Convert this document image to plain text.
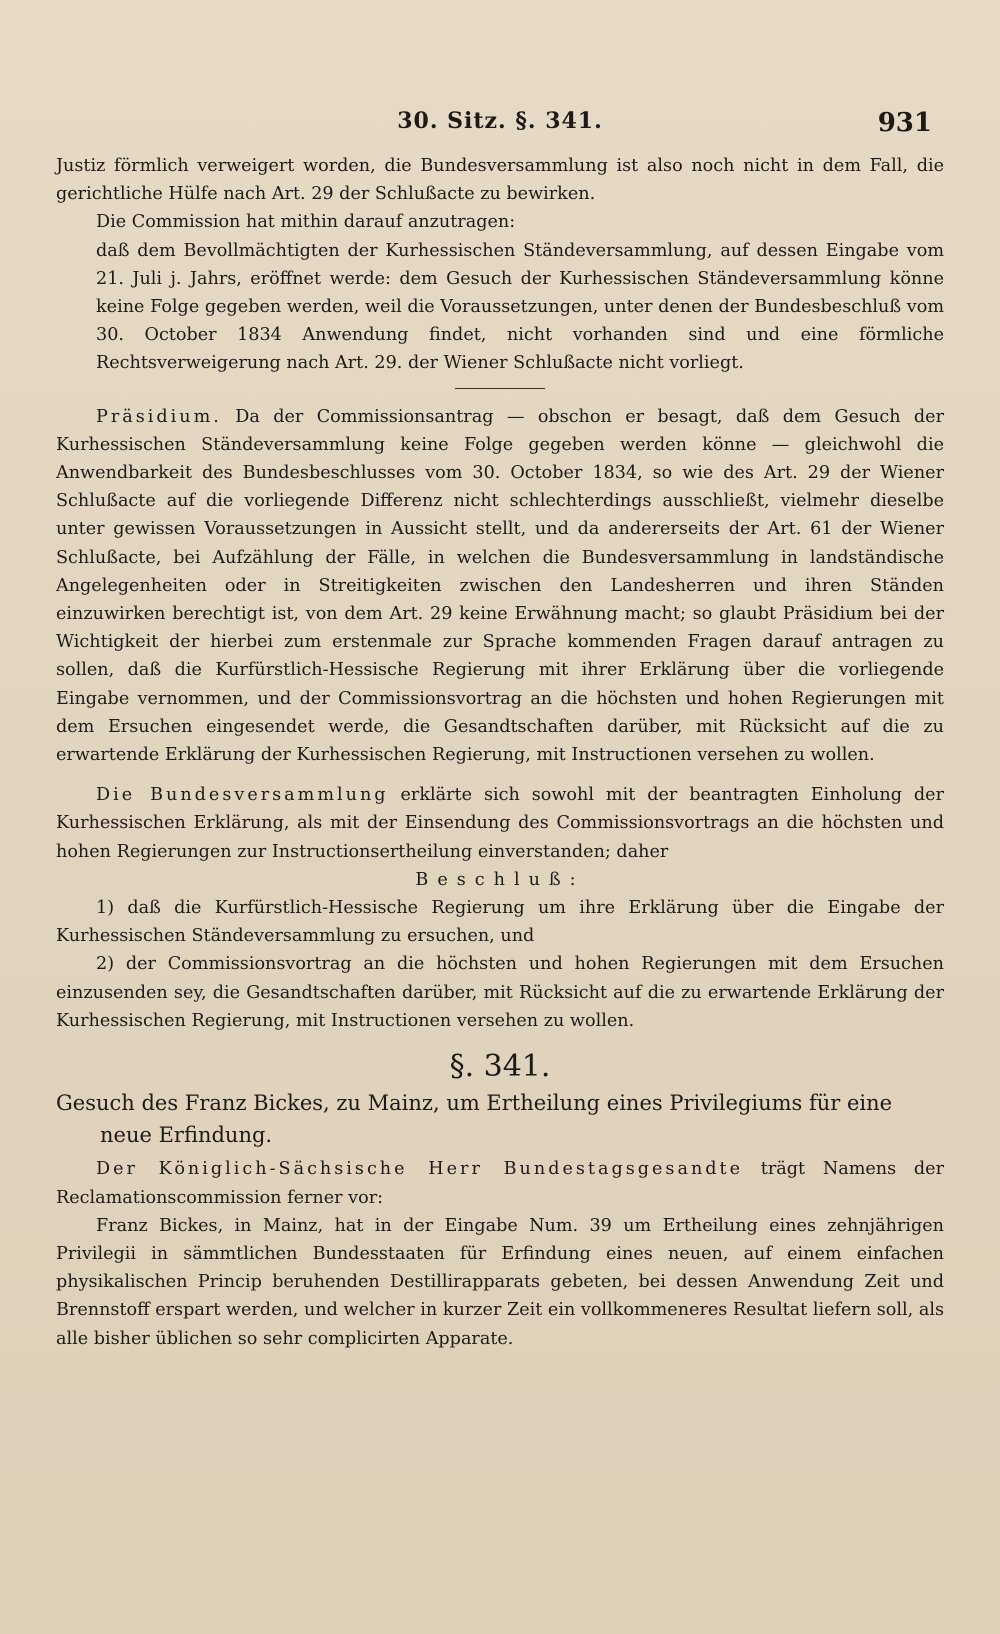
30. Sitz. §. 341.	931

Justiz förmlich verweigert worden, die Bundesversammlung ist also noch nicht in dem Fall, die gerichtliche Hülfe nach Art. 29 der Schlußacte zu bewirken.

Die Commission hat mithin darauf anzutragen:

daß dem Bevollmächtigten der Kurhessischen Ständeversammlung, auf dessen Eingabe vom 21. Juli j. Jahrs, eröffnet werde: dem Gesuch der Kurhessischen Ständeversammlung könne keine Folge gegeben werden, weil die Voraussetzungen, unter denen der Bundesbeschluß vom 30. October 1834 Anwendung findet, nicht vorhanden sind und eine förmliche Rechtsverweigerung nach Art. 29. der Wiener Schlußacte nicht vorliegt.

Präsidium. Da der Commissionsantrag — obschon er besagt, daß dem Gesuch der Kurhessischen Ständeversammlung keine Folge gegeben werden könne — gleichwohl die Anwendbarkeit des Bundesbeschlusses vom 30. October 1834, so wie des Art. 29 der Wiener Schlußacte auf die vorliegende Differenz nicht schlechterdings ausschließt, vielmehr dieselbe unter gewissen Voraussetzungen in Aussicht stellt, und da andererseits der Art. 61 der Wiener Schlußacte, bei Aufzählung der Fälle, in welchen die Bundesversammlung in landständische Angelegenheiten oder in Streitigkeiten zwischen den Landesherren und ihren Ständen einzuwirken berechtigt ist, von dem Art. 29 keine Erwähnung macht; so glaubt Präsidium bei der Wichtigkeit der hierbei zum erstenmale zur Sprache kommenden Fragen darauf antragen zu sollen, daß die Kurfürstlich-Hessische Regierung mit ihrer Erklärung über die vorliegende Eingabe vernommen, und der Commissionsvortrag an die höchsten und hohen Regierungen mit dem Ersuchen eingesendet werde, die Gesandtschaften darüber, mit Rücksicht auf die zu erwartende Erklärung der Kurhessischen Regierung, mit Instructionen versehen zu wollen.

Die Bundesversammlung erklärte sich sowohl mit der beantragten Einholung der Kurhessischen Erklärung, als mit der Einsendung des Commissionsvortrags an die höchsten und hohen Regierungen zur Instructionsertheilung einverstanden; daher

Beschluß:

1) daß die Kurfürstlich-Hessische Regierung um ihre Erklärung über die Eingabe der Kurhessischen Ständeversammlung zu ersuchen, und

2) der Commissionsvortrag an die höchsten und hohen Regierungen mit dem Ersuchen einzusenden sey, die Gesandtschaften darüber, mit Rücksicht auf die zu erwartende Erklärung der Kurhessischen Regierung, mit Instructionen versehen zu wollen.

§. 341.
Gesuch des Franz Bickes, zu Mainz, um Ertheilung eines Privilegiums für eine
neue Erfindung.

Der Königlich-Sächsische Herr Bundestagsgesandte trägt Namens der Reclamationscommission ferner vor:

Franz Bickes, in Mainz, hat in der Eingabe Num. 39 um Ertheilung eines zehnjährigen Privilegii in sämmtlichen Bundesstaaten für Erfindung eines neuen, auf einem einfachen physikalischen Princip beruhenden Destillirapparats gebeten, bei dessen Anwendung Zeit und Brennstoff erspart werden, und welcher in kurzer Zeit ein vollkommeneres Resultat liefern soll, als alle bisher üblichen so sehr complicirten Apparate.
